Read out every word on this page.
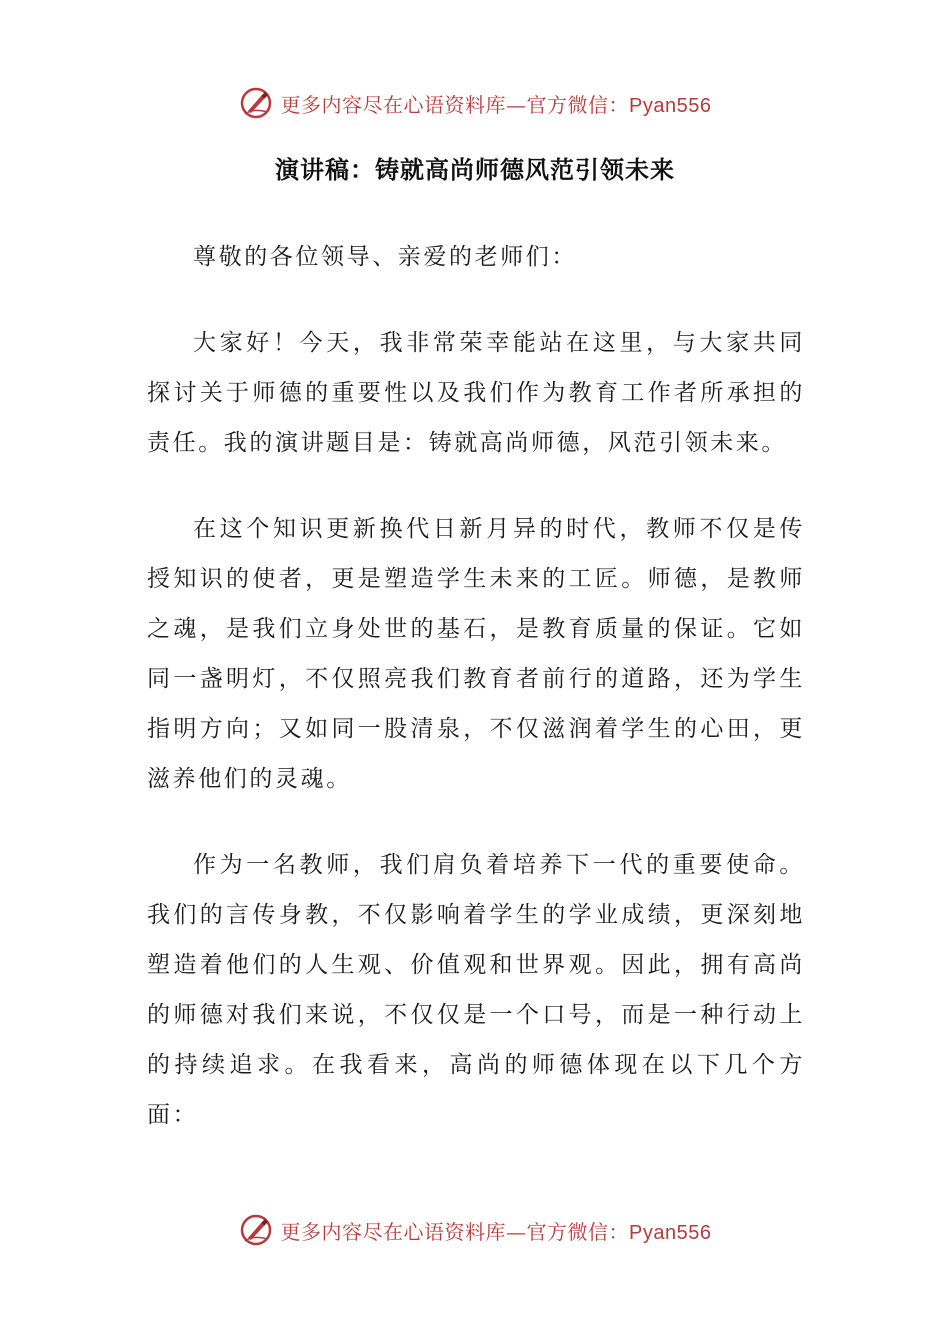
更多内容尽在心语资料库—官方微信：Pyan556
演讲稿：铸就高尚师德风范引领未来

尊敬的各位领导、亲爱的老师们：

大家好！今天，我非常荣幸能站在这里，与大家共同探讨关于师德的重要性以及我们作为教育工作者所承担的责任。我的演讲题目是：铸就高尚师德，风范引领未来。

在这个知识更新换代日新月异的时代，教师不仅是传授知识的使者，更是塑造学生未来的工匠。师德，是教师之魂，是我们立身处世的基石，是教育质量的保证。它如同一盏明灯，不仅照亮我们教育者前行的道路，还为学生指明方向；又如同一股清泉，不仅滋润着学生的心田，更滋养他们的灵魂。

作为一名教师，我们肩负着培养下一代的重要使命。我们的言传身教，不仅影响着学生的学业成绩，更深刻地塑造着他们的人生观、价值观和世界观。因此，拥有高尚的师德对我们来说，不仅仅是一个口号，而是一种行动上的持续追求。在我看来，高尚的师德体现在以下几个方面：

更多内容尽在心语资料库—官方微信：Pyan556
